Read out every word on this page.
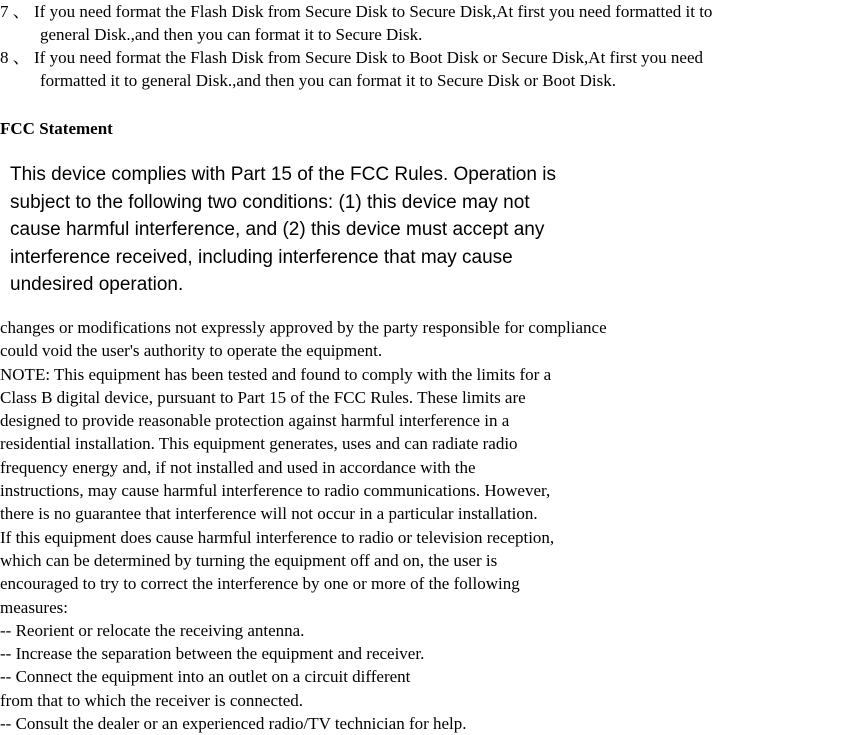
7 、 If you need format the Flash Disk from Secure Disk to Secure Disk,At first you need formatted it to
general Disk.,and then you can format it to Secure Disk.
8 、 If you need format the Flash Disk from Secure Disk to Boot Disk or Secure Disk,At first you need
formatted it to general Disk.,and then you can format it to Secure Disk or Boot Disk.
FCC Statement
This device complies with Part 15 of the FCC Rules. Operation is
subject to the following two conditions: (1) this device may not
cause harmful interference, and (2) this device must accept any
interference received, including interference that may cause
undesired operation.
changes or modifications not expressly approved by the party responsible for compliance
could void the user's authority to operate the equipment.
NOTE: This equipment has been tested and found to comply with the limits for a
Class B digital device, pursuant to Part 15 of the FCC Rules. These limits are
designed to provide reasonable protection against harmful interference in a
residential installation. This equipment generates, uses and can radiate radio
frequency energy and, if not installed and used in accordance with the
instructions, may cause harmful interference to radio communications. However,
there is no guarantee that interference will not occur in a particular installation.
If this equipment does cause harmful interference to radio or television reception,
which can be determined by turning the equipment off and on, the user is
encouraged to try to correct the interference by one or more of the following
measures:
-- Reorient or relocate the receiving antenna.
-- Increase the separation between the equipment and receiver.
-- Connect the equipment into an outlet on a circuit different
from that to which the receiver is connected.
-- Consult the dealer or an experienced radio/TV technician for help.
